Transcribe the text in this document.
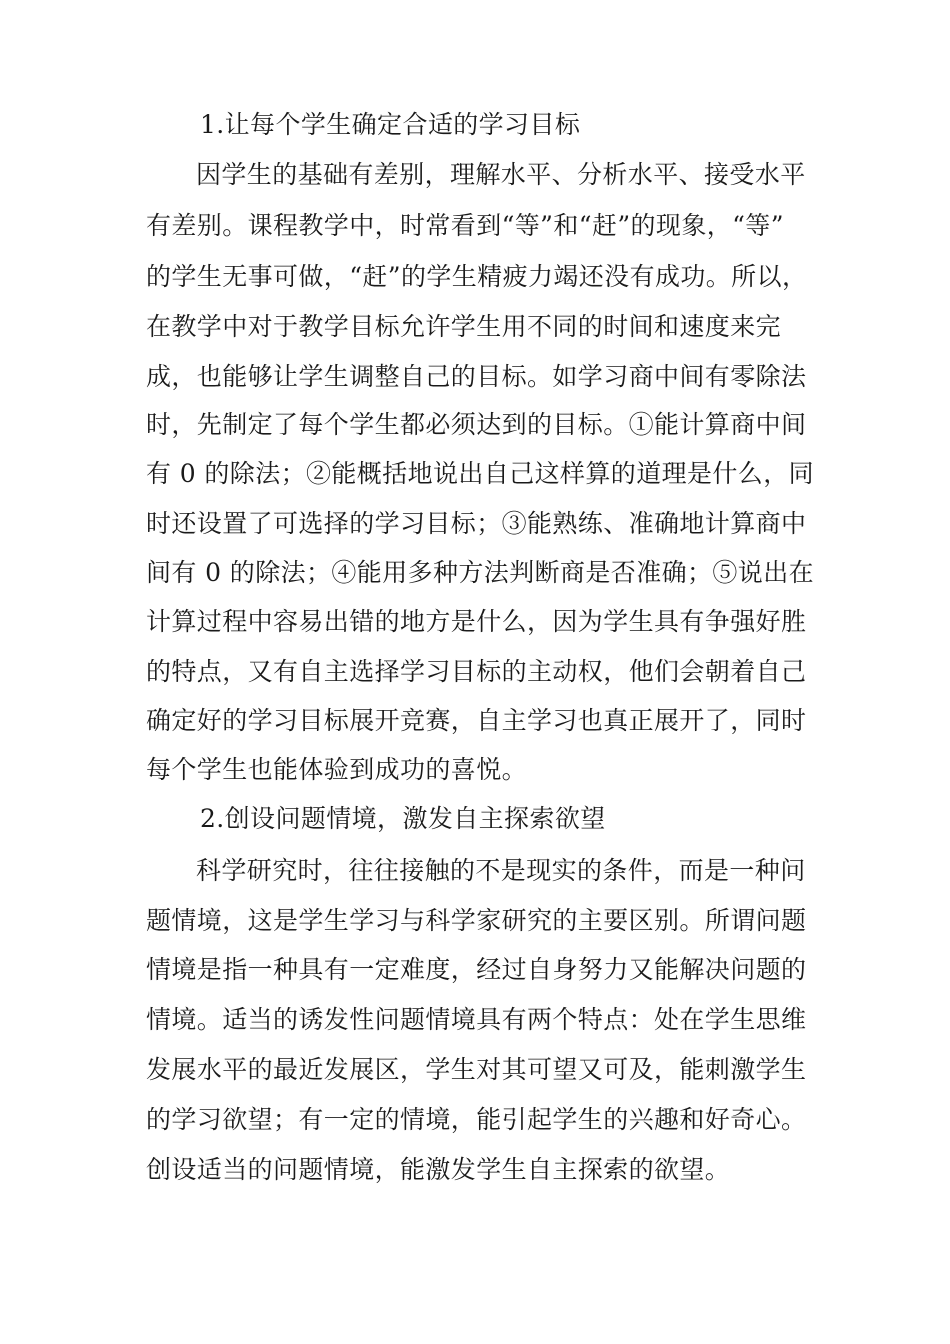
1.让每个学生确定合适的学习目标
因学生的基础有差别，理解水平、分析水平、接受水平
有差别。课程教学中，时常看到“等”和“赶”的现象，“等”
的学生无事可做，“赶”的学生精疲力竭还没有成功。所以，
在教学中对于教学目标允许学生用不同的时间和速度来完
成，也能够让学生调整自己的目标。如学习商中间有零除法
时，先制定了每个学生都必须达到的目标。①能计算商中间
有 0 的除法；②能概括地说出自己这样算的道理是什么，同
时还设置了可选择的学习目标；③能熟练、准确地计算商中
间有 0 的除法；④能用多种方法判断商是否准确；⑤说出在
计算过程中容易出错的地方是什么，因为学生具有争强好胜
的特点，又有自主选择学习目标的主动权，他们会朝着自己
确定好的学习目标展开竞赛，自主学习也真正展开了，同时
每个学生也能体验到成功的喜悦。
2.创设问题情境，激发自主探索欲望
科学研究时，往往接触的不是现实的条件，而是一种问
题情境，这是学生学习与科学家研究的主要区别。所谓问题
情境是指一种具有一定难度，经过自身努力又能解决问题的
情境。适当的诱发性问题情境具有两个特点：处在学生思维
发展水平的最近发展区，学生对其可望又可及，能刺激学生
的学习欲望；有一定的情境，能引起学生的兴趣和好奇心。
创设适当的问题情境，能激发学生自主探索的欲望。
